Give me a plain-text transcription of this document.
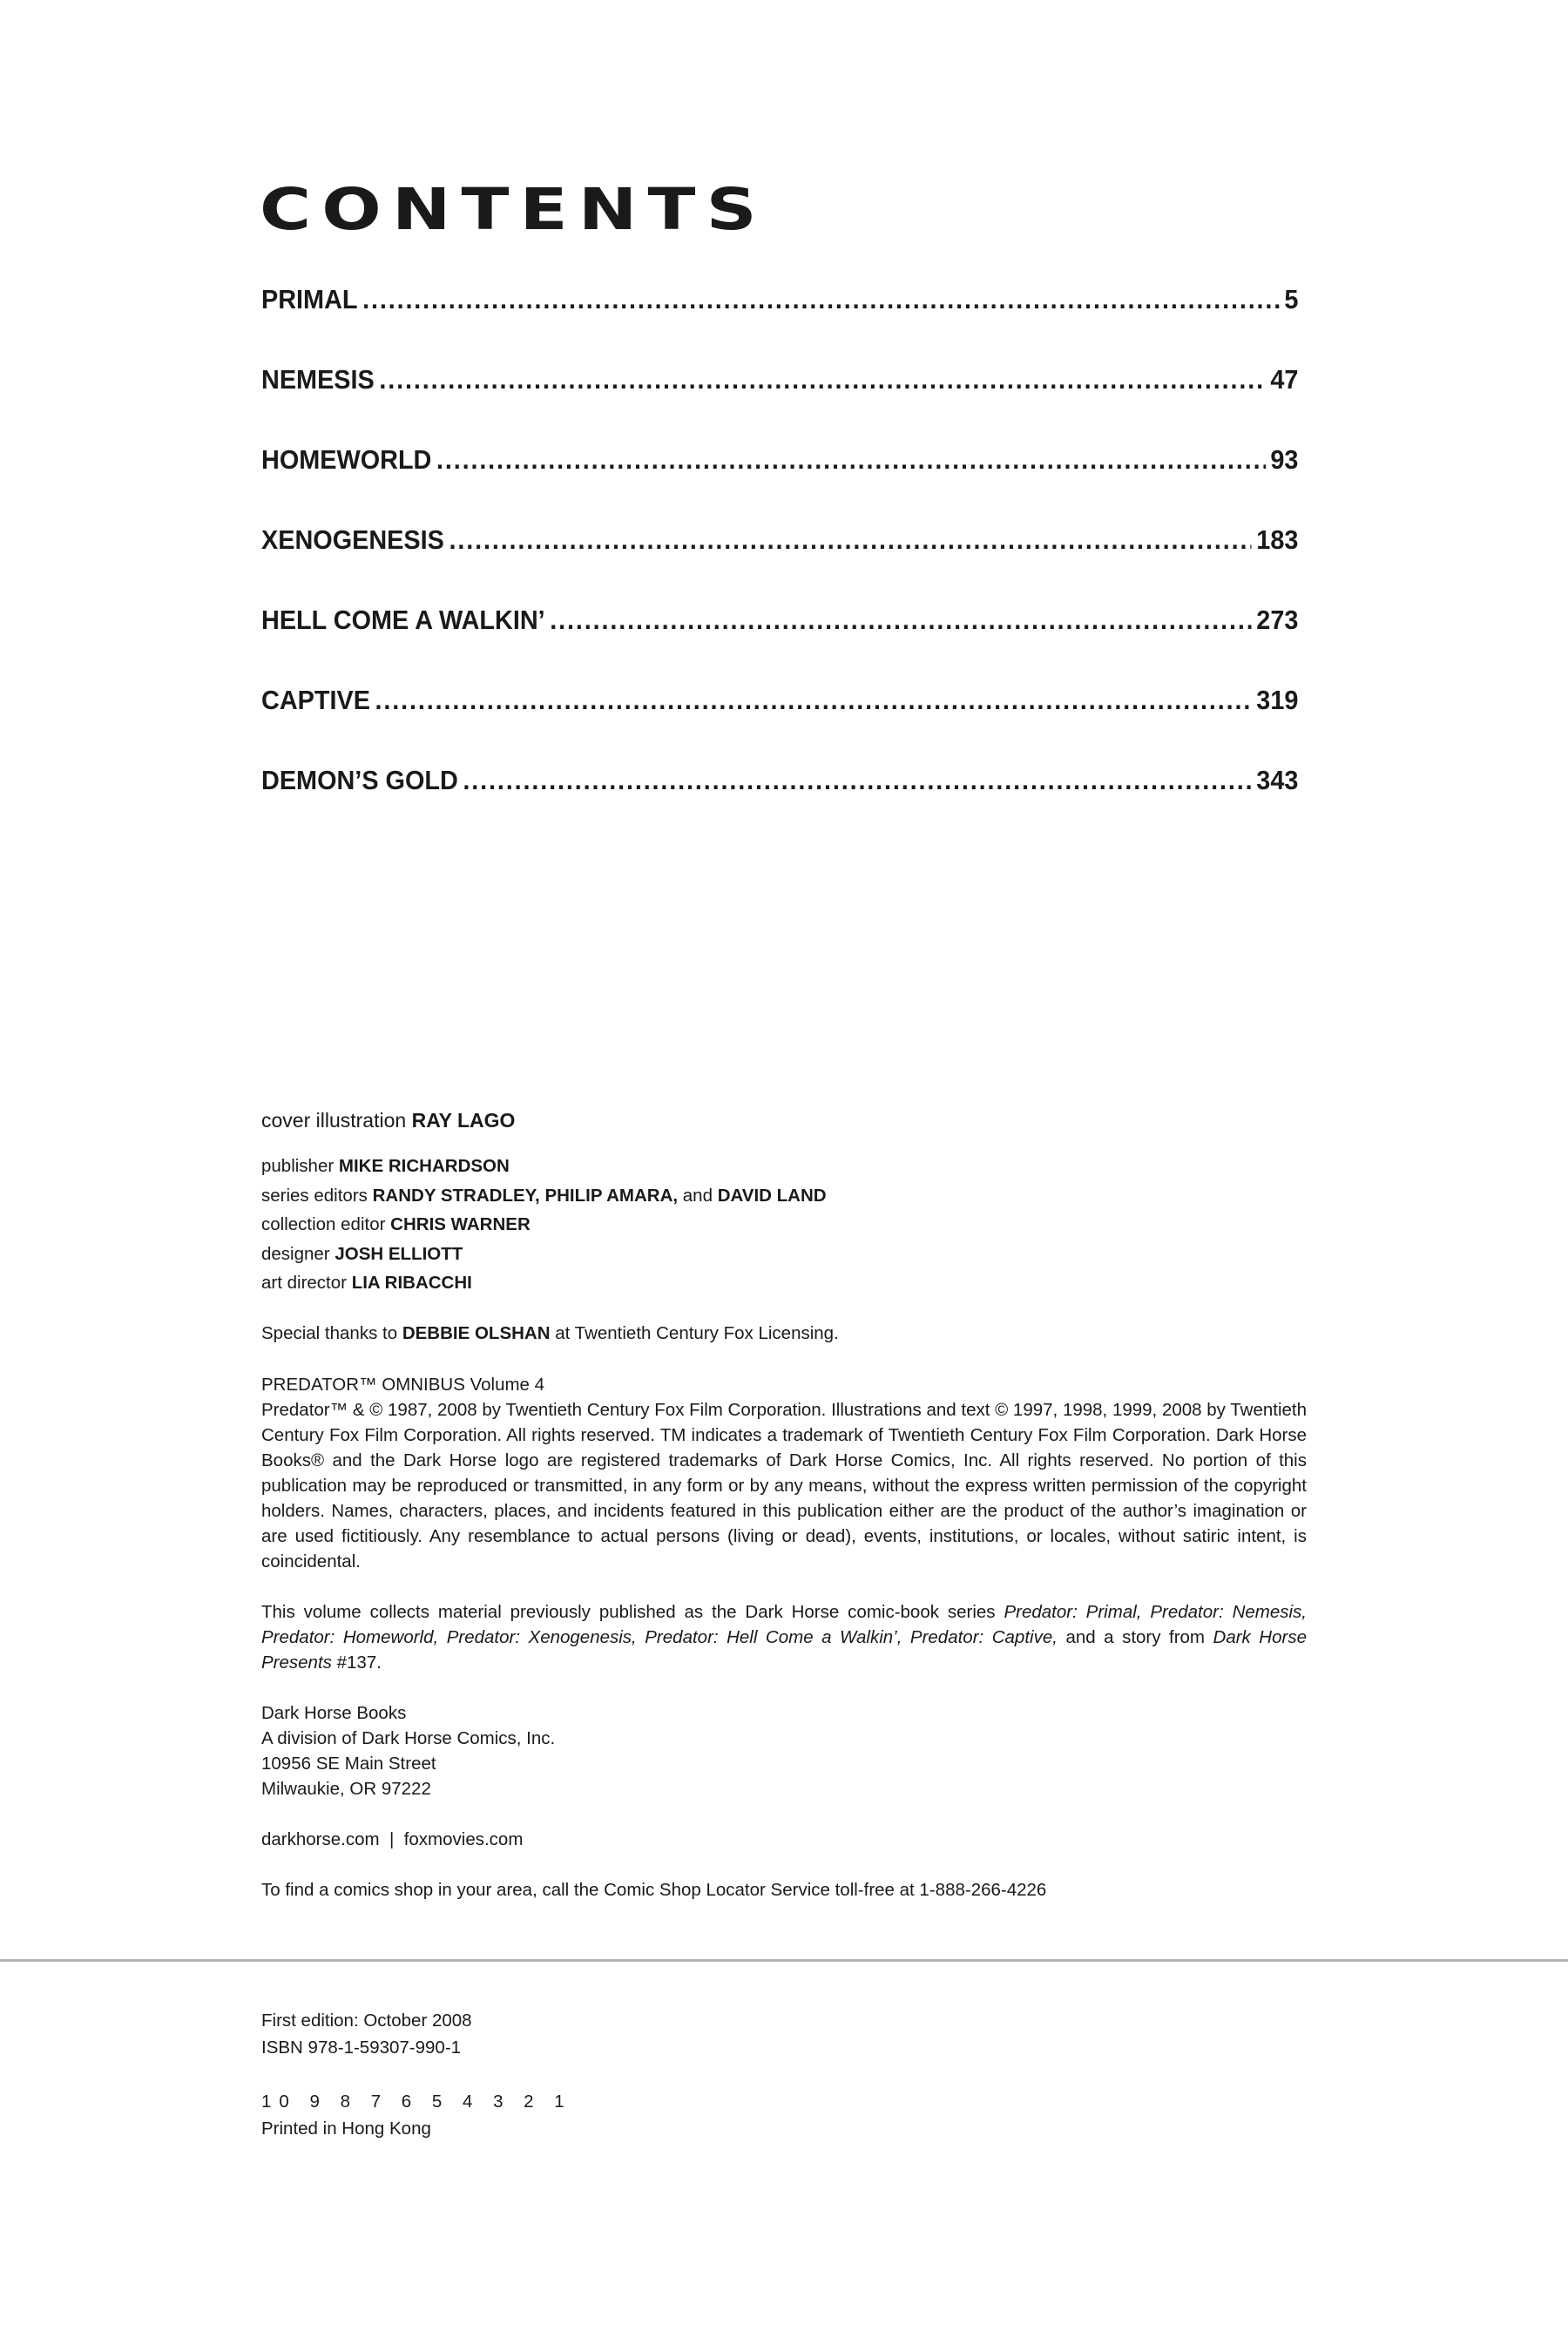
CONTENTS
PRIMAL .....	5
NEMESIS .....	47
HOMEWORLD .....	93
XENOGENESIS .....	183
HELL COME A WALKIN’ .....	273
CAPTIVE .....	319
DEMON’S GOLD .....	343
cover illustration RAY LAGO
publisher MIKE RICHARDSON
series editors RANDY STRADLEY, PHILIP AMARA, and DAVID LAND
collection editor CHRIS WARNER
designer JOSH ELLIOTT
art director LIA RIBACCHI
Special thanks to DEBBIE OLSHAN at Twentieth Century Fox Licensing.
PREDATOR™ OMNIBUS Volume 4
Predator™ & © 1987, 2008 by Twentieth Century Fox Film Corporation. Illustrations and text © 1997, 1998, 1999, 2008 by Twentieth Century Fox Film Corporation. All rights reserved. TM indicates a trademark of Twentieth Century Fox Film Corporation. Dark Horse Books® and the Dark Horse logo are registered trademarks of Dark Horse Comics, Inc. All rights reserved. No portion of this publication may be reproduced or transmitted, in any form or by any means, without the express written permission of the copyright holders. Names, characters, places, and incidents featured in this publication either are the product of the author’s imagination or are used fictitiously. Any resemblance to actual persons (living or dead), events, institutions, or locales, without satiric intent, is coincidental.
This volume collects material previously published as the Dark Horse comic-book series Predator: Primal, Predator: Nemesis, Predator: Homeworld, Predator: Xenogenesis, Predator: Hell Come a Walkin’, Predator: Captive, and a story from Dark Horse Presents #137.
Dark Horse Books
A division of Dark Horse Comics, Inc.
10956 SE Main Street
Milwaukie, OR 97222
darkhorse.com  |  foxmovies.com
To find a comics shop in your area, call the Comic Shop Locator Service toll-free at 1-888-266-4226
First edition: October 2008
ISBN 978-1-59307-990-1
10 9 8 7 6 5 4 3 2 1
Printed in Hong Kong
